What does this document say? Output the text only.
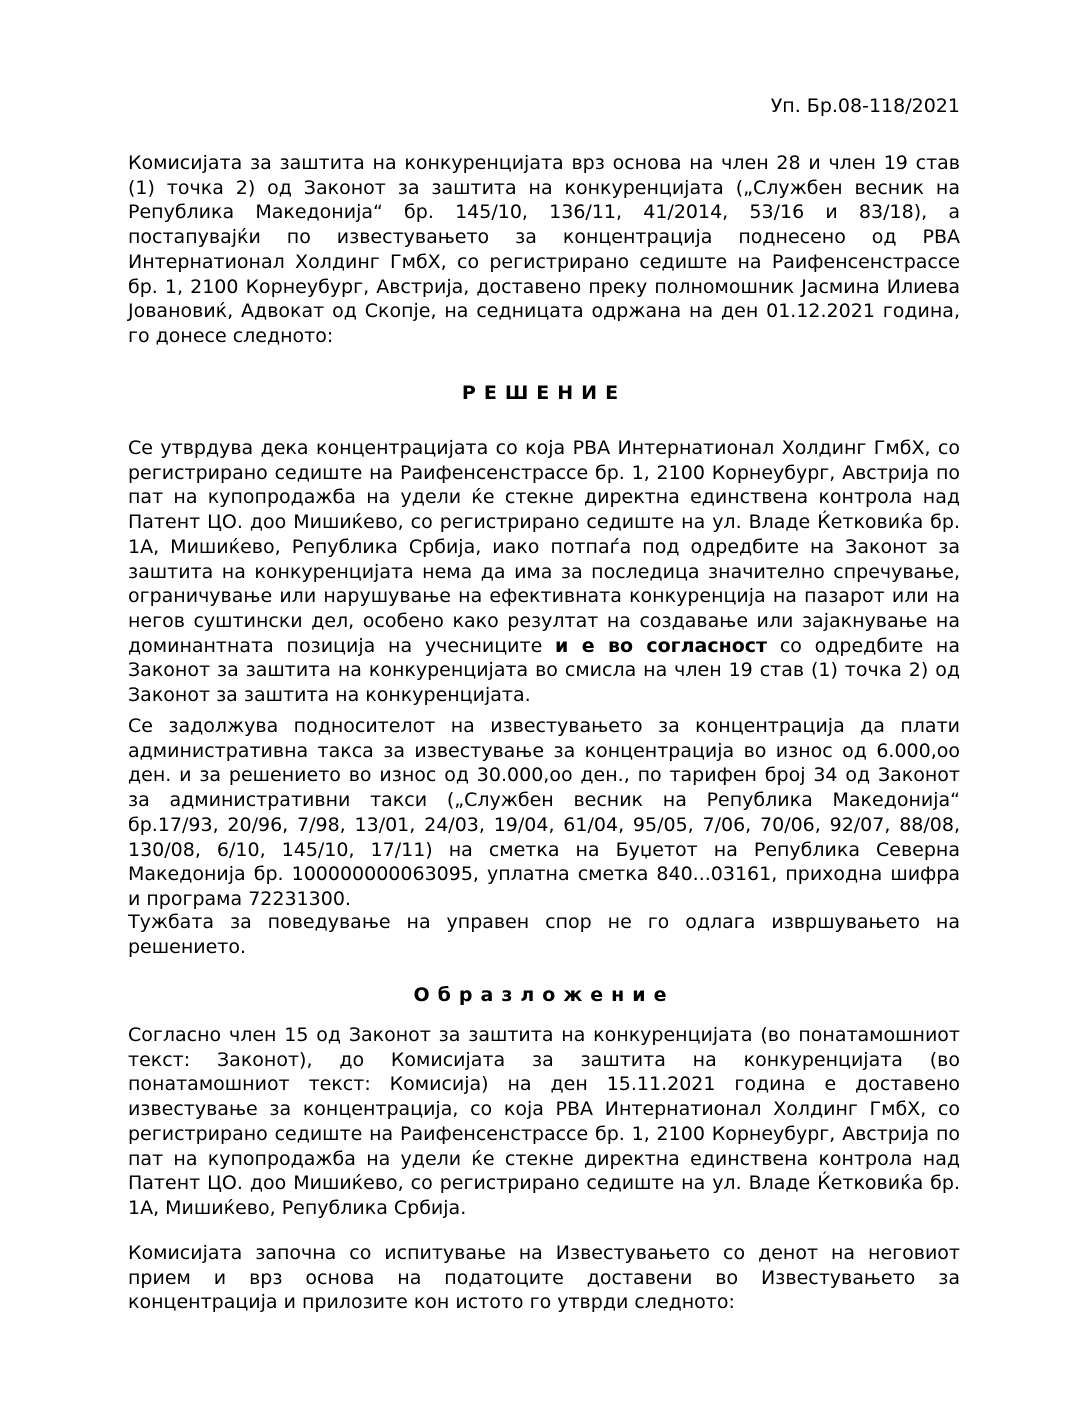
Уп. Бр.08-118/2021

Комисијата за заштита на конкуренцијата врз основа на член 28 и член 19 став (1) точка 2) од Законот за заштита на конкуренцијата („Службен весник на Република Македонија“ бр. 145/10, 136/11, 41/2014, 53/16 и 83/18), а постапувајќи по известувањето за концентрација поднесено од РВА Интернатионал Холдинг ГмбХ, со регистрирано седиште на Раифенсенстрассе бр. 1, 2100 Корнеубург, Австрија, доставено преку полномошник Јасмина Илиева Јовановиќ, Адвокат од Скопје, на седницата одржана на ден 01.12.2021 година, го донесе следното:

РЕШЕНИЕ

Се утврдува дека концентрацијата со која РВА Интернатионал Холдинг ГмбХ, со регистрирано седиште на Раифенсенстрассе бр. 1, 2100 Корнеубург, Австрија по пат на купопродажба на удели ќе стекне директна единствена контрола над Патент ЦО. доо Мишиќево, со регистрирано седиште на ул. Владе Ќетковиќа бр. 1А, Мишиќево, Република Србија, иако потпаѓа под одредбите на Законот за заштита на конкуренцијата нема да има за последица значително спречување, ограничување или нарушување на ефективната конкуренција на пазарот или на негов суштински дел, особено како резултат на создавање или зајакнување на доминантната позиција на учесниците и е во согласност со одредбите на Законот за заштита на конкуренцијата во смисла на член 19 став (1) точка 2) од Законот за заштита на конкуренцијата.

Се задолжува подносителот на известувањето за концентрација да плати административна такса за известување за концентрација во износ од 6.000,оо ден. и за решението во износ од 30.000,оо ден., по тарифен број 34 од Законот за административни такси („Службен весник на Република Македонија“ бр.17/93, 20/96, 7/98, 13/01, 24/03, 19/04, 61/04, 95/05, 7/06, 70/06, 92/07, 88/08, 130/08, 6/10, 145/10, 17/11) на сметка на Буџетот на Република Северна Македонија бр. 100000000063095, уплатна сметка 840...03161, приходна шифра и програма 72231300.

Тужбата за поведување на управен спор не го одлага извршувањето на решението.

Образложение

Согласно член 15 од Законот за заштита на конкуренцијата (во понатамошниот текст: Законот), до Комисијата за заштита на конкуренцијата (во понатамошниот текст: Комисија) на ден 15.11.2021 година е доставено известување за концентрација, со која РВА Интернатионал Холдинг ГмбХ, со регистрирано седиште на Раифенсенстрассе бр. 1, 2100 Корнеубург, Австрија по пат на купопродажба на удели ќе стекне директна единствена контрола над Патент ЦО. доо Мишиќево, со регистрирано седиште на ул. Владе Ќетковиќа бр. 1А, Мишиќево, Република Србија.

Комисијата започна со испитување на Известувањето со денот на неговиот прием и врз основа на податоците доставени во Известувањето за концентрација и прилозите кон истото го утврди следното:
